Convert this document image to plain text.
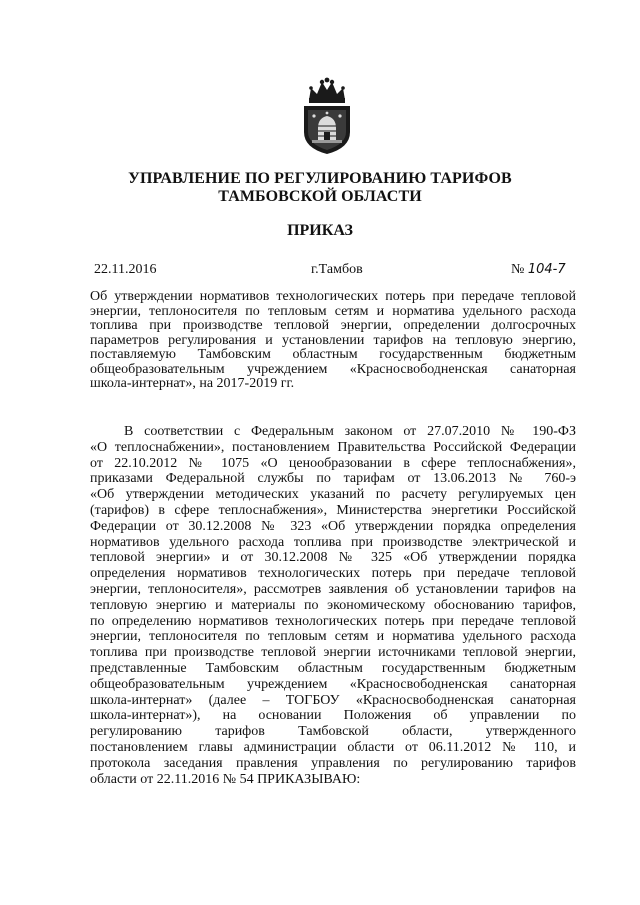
УПРАВЛЕНИЕ ПО РЕГУЛИРОВАНИЮ ТАРИФОВ
ТАМБОВСКОЙ ОБЛАСТИ
ПРИКАЗ
22.11.2016	г.Тамбов	№ 104-7
Об утверждении нормативов технологических потерь при передаче тепловой
энергии, теплоносителя по тепловым сетям и норматива удельного расхода
топлива при производстве тепловой энергии, определении долгосрочных
параметров регулирования и установлении тарифов на тепловую энергию,
поставляемую Тамбовским областным государственным бюджетным
общеобразовательным учреждением «Красносвободненская санаторная
школа-интернат», на 2017-2019 гг.
В соответствии с Федеральным законом от 27.07.2010 № 190-ФЗ
«О теплоснабжении», постановлением Правительства Российской Федерации
от 22.10.2012 № 1075 «О ценообразовании в сфере теплоснабжения»,
приказами Федеральной службы по тарифам от 13.06.2013 № 760-э
«Об утверждении методических указаний по расчету регулируемых цен
(тарифов) в сфере теплоснабжения», Министерства энергетики Российской
Федерации от 30.12.2008 № 323 «Об утверждении порядка определения
нормативов удельного расхода топлива при производстве электрической и
тепловой энергии» и от 30.12.2008 № 325 «Об утверждении порядка
определения нормативов технологических потерь при передаче тепловой
энергии, теплоносителя», рассмотрев заявления об установлении тарифов на
тепловую энергию и материалы по экономическому обоснованию тарифов,
по определению нормативов технологических потерь при передаче тепловой
энергии, теплоносителя по тепловым сетям и норматива удельного расхода
топлива при производстве тепловой энергии источниками тепловой энергии,
представленные Тамбовским областным государственным бюджетным
общеобразовательным учреждением «Красносвободненская санаторная
школа-интернат» (далее – ТОГБОУ «Красносвободненская санаторная
школа-интернат»), на основании Положения об управлении по
регулированию тарифов Тамбовской области, утвержденного
постановлением главы администрации области от 06.11.2012 № 110, и
протокола заседания правления управления по регулированию тарифов
области от 22.11.2016 № 54 ПРИКАЗЫВАЮ:
